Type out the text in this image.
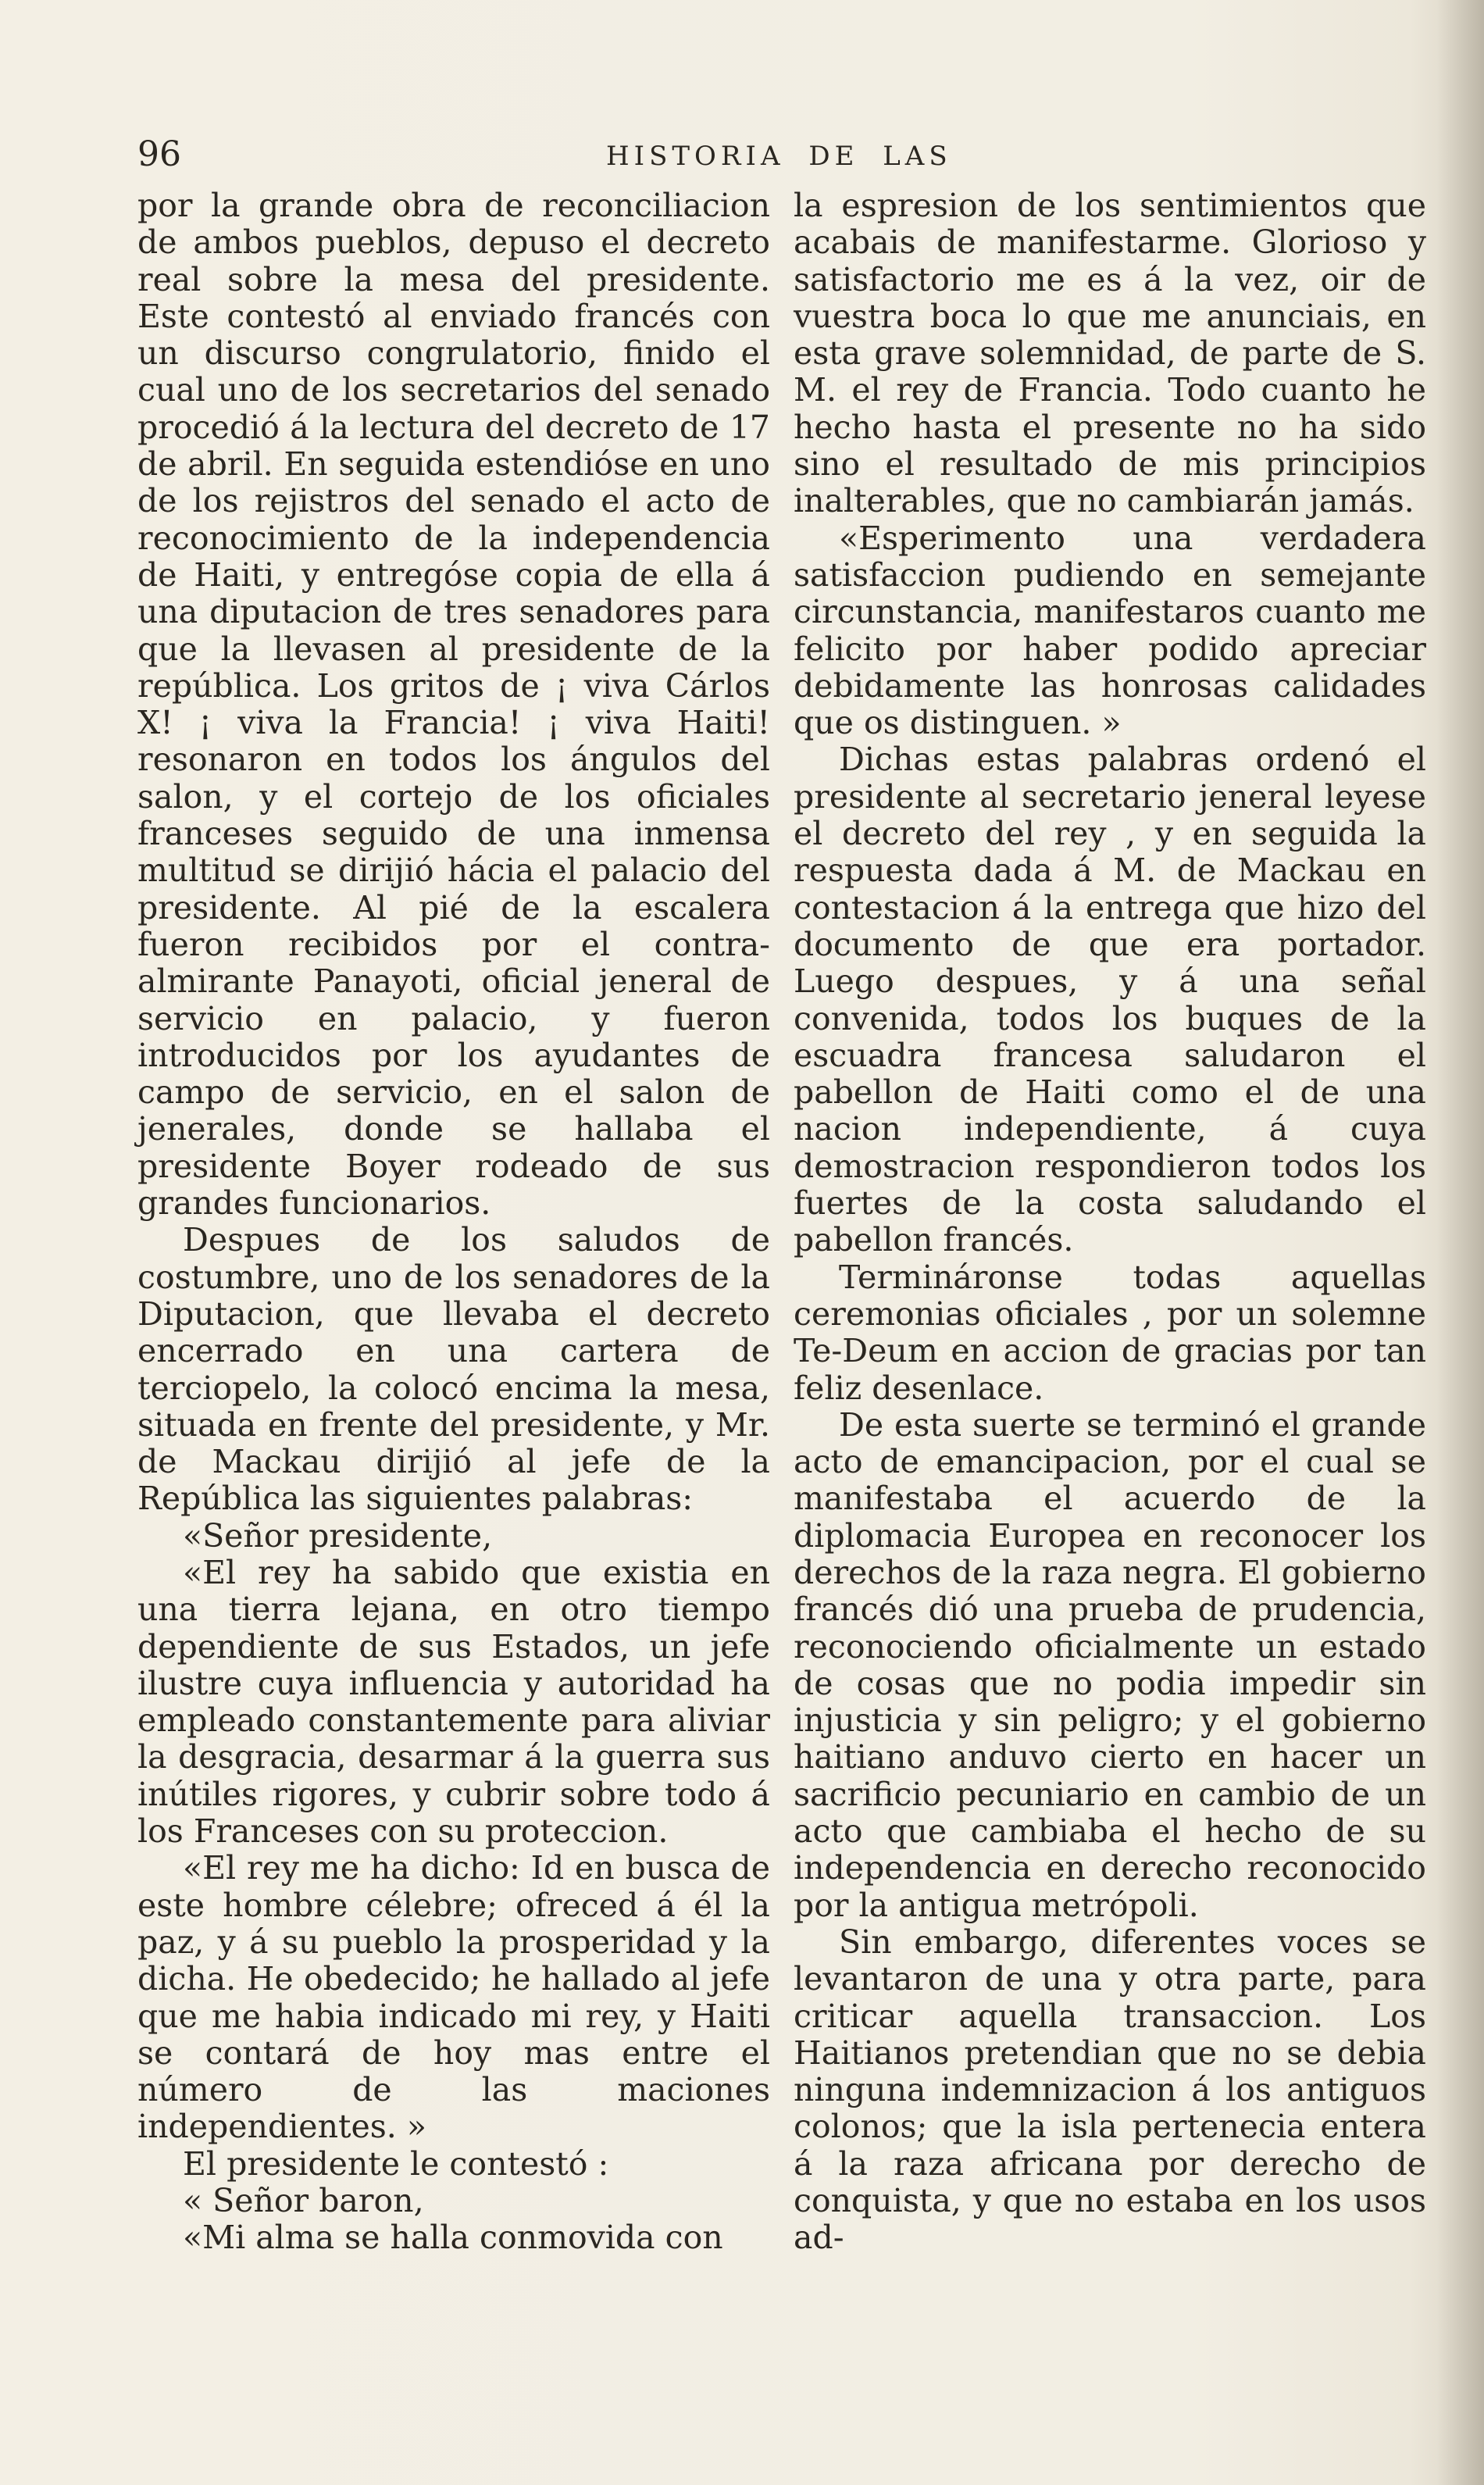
96	HISTORIA DE LAS

por la grande obra de reconciliacion de ambos pueblos, depuso el decreto real sobre la mesa del presidente. Este contestó al enviado francés con un discurso congrulatorio, finido el cual uno de los secretarios del senado procedió á la lectura del decreto de 17 de abril. En seguida estendióse en uno de los rejistros del senado el acto de reconocimiento de la independencia de Haiti, y entregóse copia de ella á una diputacion de tres senadores para que la llevasen al presidente de la república. Los gritos de ¡ viva Cárlos X! ¡ viva la Francia! ¡ viva Haiti! resonaron en todos los ángulos del salon, y el cortejo de los oficiales franceses seguido de una inmensa multitud se dirijió hácia el palacio del presidente. Al pié de la escalera fueron recibidos por el contra-almirante Panayoti, oficial jeneral de servicio en palacio, y fueron introducidos por los ayudantes de campo de servicio, en el salon de jenerales, donde se hallaba el presidente Boyer rodeado de sus grandes funcionarios.

Despues de los saludos de costumbre, uno de los senadores de la Diputacion, que llevaba el decreto encerrado en una cartera de terciopelo, la colocó encima la mesa, situada en frente del presidente, y Mr. de Mackau dirijió al jefe de la República las siguientes palabras:

«Señor presidente,

«El rey ha sabido que existia en una tierra lejana, en otro tiempo dependiente de sus Estados, un jefe ilustre cuya influencia y autoridad ha empleado constantemente para aliviar la desgracia, desarmar á la guerra sus inútiles rigores, y cubrir sobre todo á los Franceses con su proteccion.

«El rey me ha dicho: Id en busca de este hombre célebre; ofreced á él la paz, y á su pueblo la prosperidad y la dicha. He obedecido; he hallado al jefe que me habia indicado mi rey, y Haiti se contará de hoy mas entre el número de las maciones independientes. »

El presidente le contestó :

« Señor baron,

«Mi alma se halla conmovida con

la espresion de los sentimientos que acabais de manifestarme. Glorioso y satisfactorio me es á la vez, oir de vuestra boca lo que me anunciais, en esta grave solemnidad, de parte de S. M. el rey de Francia. Todo cuanto he hecho hasta el presente no ha sido sino el resultado de mis principios inalterables, que no cambiarán jamás.

«Esperimento una verdadera satisfaccion pudiendo en semejante circunstancia, manifestaros cuanto me felicito por haber podido apreciar debidamente las honrosas calidades que os distinguen. »

Dichas estas palabras ordenó el presidente al secretario jeneral leyese el decreto del rey , y en seguida la respuesta dada á M. de Mackau en contestacion á la entrega que hizo del documento de que era portador. Luego despues, y á una señal convenida, todos los buques de la escuadra francesa saludaron el pabellon de Haiti como el de una nacion independiente, á cuya demostracion respondieron todos los fuertes de la costa saludando el pabellon francés.

Termináronse todas aquellas ceremonias oficiales , por un solemne Te-Deum en accion de gracias por tan feliz desenlace.

De esta suerte se terminó el grande acto de emancipacion, por el cual se manifestaba el acuerdo de la diplomacia Europea en reconocer los derechos de la raza negra. El gobierno francés dió una prueba de prudencia, reconociendo oficialmente un estado de cosas que no podia impedir sin injusticia y sin peligro; y el gobierno haitiano anduvo cierto en hacer un sacrificio pecuniario en cambio de un acto que cambiaba el hecho de su independencia en derecho reconocido por la antigua metrópoli.

Sin embargo, diferentes voces se levantaron de una y otra parte, para criticar aquella transaccion. Los Haitianos pretendian que no se debia ninguna indemnizacion á los antiguos colonos; que la isla pertenecia entera á la raza africana por derecho de conquista, y que no estaba en los usos ad-
